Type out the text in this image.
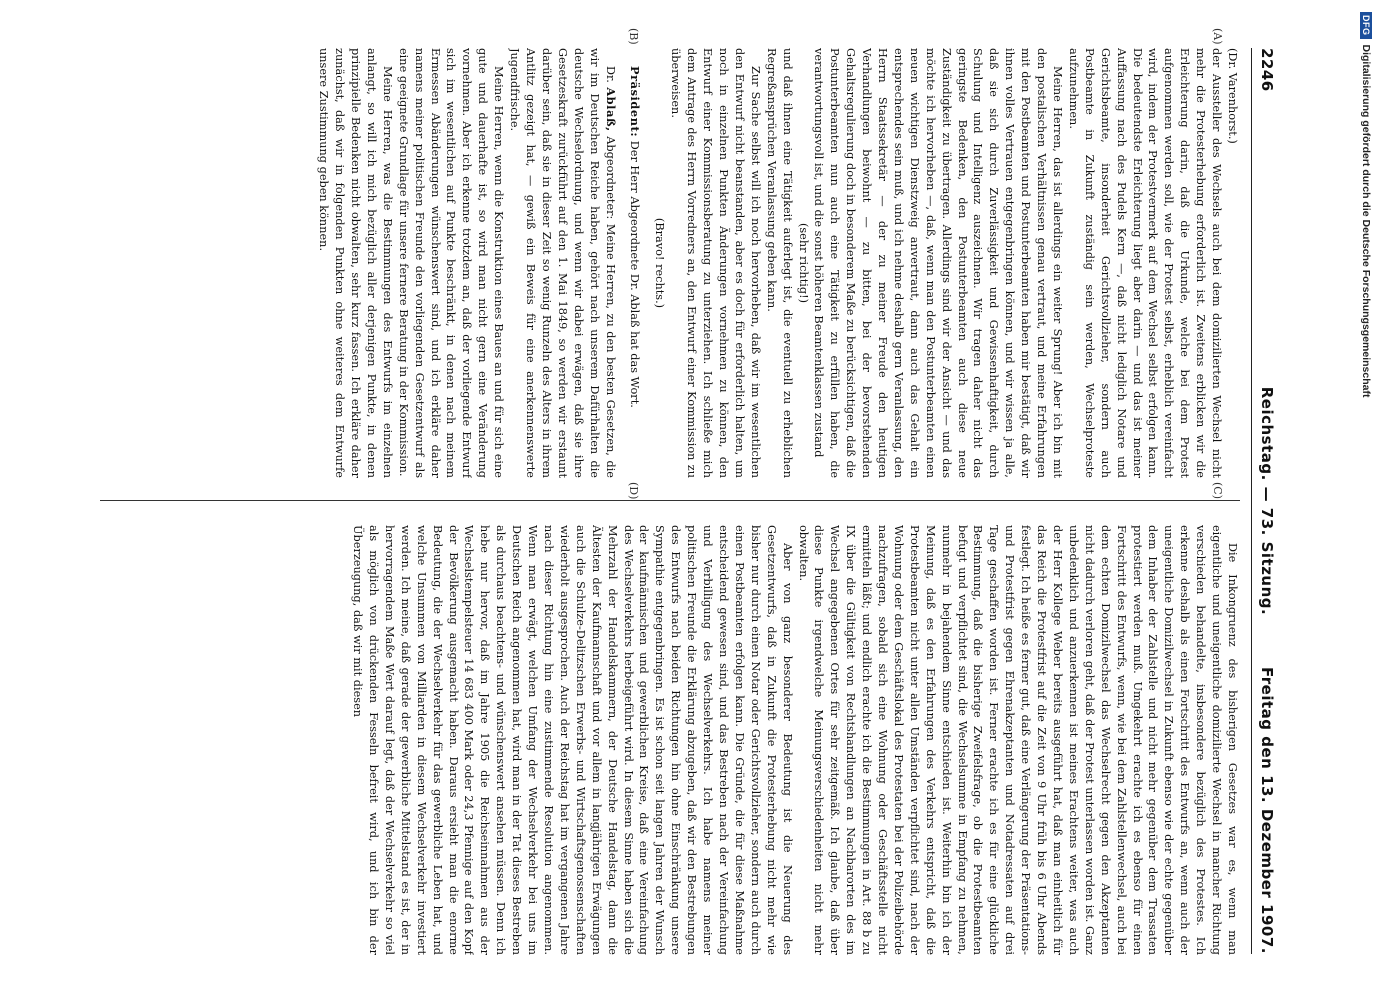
2246
Reichstag. — 73. Sitzung.
Freitag den 13. Dezember 1907.
(A)
(B)
(C)
(D)

(Dr. Varenhorst.)

der Aussteller des Wechsels auch bei dem domizilierten Wechsel nicht mehr die Protesterhebung erforderlich ist. Zweitens erblicken wir die Erleichterung darin, daß die Urkunde, welche bei dem Protest aufgenommen werden soll, wie der Protest selbst, erheblich vereinfacht wird, indem der Protestvermerk auf dem Wechsel selbst erfolgen kann. Die bedeutendste Erleichterung liegt aber darin — und das ist meiner Auffassung nach des Pudels Kern —, daß nicht lediglich Notare und Gerichtsbeamte, insonderheit Gerichtsvollzieher, sondern auch Postbeamte in Zukunft zuständig sein werden, Wechselproteste aufzunehmen.

Meine Herren, das ist allerdings ein weiter Sprung! Aber ich bin mit den postalischen Verhältnissen genau vertraut, und meine Erfahrungen mit den Postbeamten und Postunterbeamten haben mir bestätigt, daß wir ihnen volles Vertrauen entgegenbringen können, und wir wissen ja alle, daß sie sich durch Zuverlässigkeit und Gewissenhaftigkeit, durch Schulung und Intelligenz auszeichnen. Wir tragen daher nicht das geringste Bedenken, den Postunterbeamten auch diese neue Zuständigkeit zu übertragen. Allerdings sind wir der Ansicht — und das möchte ich hervorheben —, daß, wenn man den Postunterbeamten einen neuen wichtigen Dienstzweig anvertraut, dann auch das Gehalt ein entsprechendes sein muß, und ich nehme deshalb gern Veranlassung, den Herrn Staatssekretär — der zu meiner Freude den heutigen Verhandlungen beiwohnt — zu bitten, bei der bevorstehenden Gehaltsregulierung doch in besonderem Maße zu berücksichtigen, daß die Postunterbeamten nun auch eine Tätigkeit zu erfüllen haben, die verantwortungsvoll ist, und die sonst höheren Beamtenklassen zustand

(sehr richtig!)

und daß ihnen eine Tätigkeit auferlegt ist, die eventuell zu erheblichen Regreßansprüchen Veranlassung geben kann.

Zur Sache selbst will ich noch hervorheben, daß wir im wesentlichen den Entwurf nicht beanstanden, aber es doch für erforderlich halten, um noch in einzelnen Punkten Änderungen vornehmen zu können, den Entwurf einer Kommissionsberatung zu unterziehen. Ich schließe mich dem Antrage des Herrn Vorredners an, den Entwurf einer Kommission zu überweisen.

(Bravo! rechts.)

Präsident: Der Herr Abgeordnete Dr. Ablaß hat das Wort.

Dr. Ablaß, Abgeordneter: Meine Herren, zu den besten Gesetzen, die wir im Deutschen Reiche haben, gehört nach unserem Dafürhalten die deutsche Wechselordnung, und wenn wir dabei erwägen, daß sie ihre Gesetzeskraft zurückführt auf den 1. Mai 1849, so werden wir erstaunt darüber sein, daß sie in dieser Zeit so wenig Runzeln des Alters in ihrem Antlitz gezeigt hat, — gewiß ein Beweis für eine anerkennenswerte Jugendfrische.

Meine Herren, wenn die Konstruktion eines Baues an und für sich eine gute und dauerhafte ist, so wird man nicht gern eine Veränderung vornehmen. Aber ich erkenne trotzdem an, daß der vorliegende Entwurf sich im wesentlichen auf Punkte beschränkt, in denen nach meinem Ermessen Abänderungen wünschenswert sind, und ich erkläre daher namens meiner politischen Freunde den vorliegenden Gesetzentwurf als eine geeignete Grundlage für unsere fernere Beratung in der Kommission.

Meine Herren, was die Bestimmungen des Entwurfs im einzelnen anlangt, so will ich mich bezüglich aller derjenigen Punkte, in denen prinzipielle Bedenken nicht obwalten, sehr kurz fassen. Ich erkläre daher zunächst, daß wir in folgenden Punkten ohne weiteres dem Entwurfe unsere Zustimmung geben können.

Die Inkongruenz des bisherigen Gesetzes war es, wenn man eigentliche und uneigentliche domizilierte Wechsel in mancher Richtung verschieden behandelte, insbesondere bezüglich des Protestes. Ich erkenne deshalb als einen Fortschritt des Entwurfs an, wenn auch der uneigentliche Domizilwechsel in Zukunft ebenso wie der echte gegenüber dem Inhaber der Zahlstelle und nicht mehr gegenüber dem Trassaten protestiert werden muß. Umgekehrt erachte ich es ebenso für einen Fortschritt des Entwurfs, wenn, wie bei dem Zahlstellenwechsel, auch bei dem echten Domizilwechsel das Wechselrecht gegen den Akzeptanten nicht dadurch verloren geht, daß der Protest unterlassen worden ist. Ganz unbedenklich und anzuerkennen ist meines Erachtens weiter, was auch der Herr Kollege Weber bereits ausgeführt hat, daß man einheitlich für das Reich die Protestfrist auf die Zeit von 9 Uhr früh bis 6 Uhr Abends festlegt. Ich heiße es ferner gut, daß eine Verlängerung der Präsentations- und Protestfrist gegen Ehrenakzeptanten und Notadressaten auf drei Tage geschaffen worden ist. Ferner erachte ich es für eine glückliche Bestimmung, daß die bisherige Zweifelsfrage, ob die Protestbeamten befugt und verpflichtet sind, die Wechselsumme in Empfang zu nehmen, nunmehr in bejahendem Sinne entschieden ist. Weiterhin bin ich der Meinung, daß es den Erfahrungen des Verkehrs entspricht, daß die Protestbeamten nicht unter allen Umständen verpflichtet sind, nach der Wohnung oder dem Geschäftslokal des Protestaten bei der Polizeibehörde nachzufragen, sobald sich eine Wohnung oder Geschäftsstelle nicht ermitteln läßt; und endlich erachte ich die Bestimmungen in Art. 88 b zu IX über die Gültigkeit von Rechtshandlungen an Nachbarorten des im Wechsel angegebenen Ortes für sehr zeitgemäß. Ich glaube, daß über diese Punkte irgendwelche Meinungsverschiedenheiten nicht mehr obwalten.

Aber von ganz besonderer Bedeutung ist die Neuerung des Gesetzentwurfs, daß in Zukunft die Protesterhebung nicht mehr wie bisher nur durch einen Notar oder Gerichtsvollzieher, sondern auch durch einen Postbeamten erfolgen kann. Die Gründe, die für diese Maßnahme entscheidend gewesen sind, und das Bestreben nach der Vereinfachung und Verbilligung des Wechselverkehrs. Ich habe namens meiner politischen Freunde die Erklärung abzugeben, daß wir den Bestrebungen des Entwurfs nach beiden Richtungen hin ohne Einschränkung unsere Sympathie entgegenbringen. Es ist schon seit langen Jahren der Wunsch der kaufmännischen und gewerblichen Kreise, daß eine Vereinfachung des Wechselverkehrs herbeigeführt wird. In diesem Sinne haben sich die Mehrzahl der Handelskammern, der Deutsche Handelstag, dann die Ältesten der Kaufmannschaft und vor allem in langjährigen Erwägungen auch die Schulze-Delitzschen Erwerbs- und Wirtschaftsgenossenschaften wiederholt ausgesprochen. Auch der Reichstag hat im vergangenen Jahre nach dieser Richtung hin eine zustimmende Resolution angenommen. Wenn man erwägt, welchen Umfang der Wechselverkehr bei uns im Deutschen Reich angenommen hat, wird man in der Tat dieses Bestreben als durchaus beachtens- und wünschenswert ansehen müssen. Denn ich hebe nur hervor, daß im Jahre 1905 die Reichseinnahmen aus der Wechselstempelsteuer 14 683 400 Mark oder 24,3 Pfennige auf den Kopf der Bevölkerung ausgemacht haben. Daraus ersieht man die enorme Bedeutung, die der Wechselverkehr für das gewerbliche Leben hat, und welche Unsummen von Milliarden in diesem Wechselverkehr investiert werden. Ich meine, daß gerade der gewerbliche Mittelstand es ist, der in hervorragendem Maße Wert darauf legt, daß der Wechselverkehr so viel als möglich von drückenden Fesseln befreit wird, und ich bin der Überzeugung, daß wir mit diesen

DFGDigitalisierung gefördert durch die Deutsche Forschungsgemeinschaft
